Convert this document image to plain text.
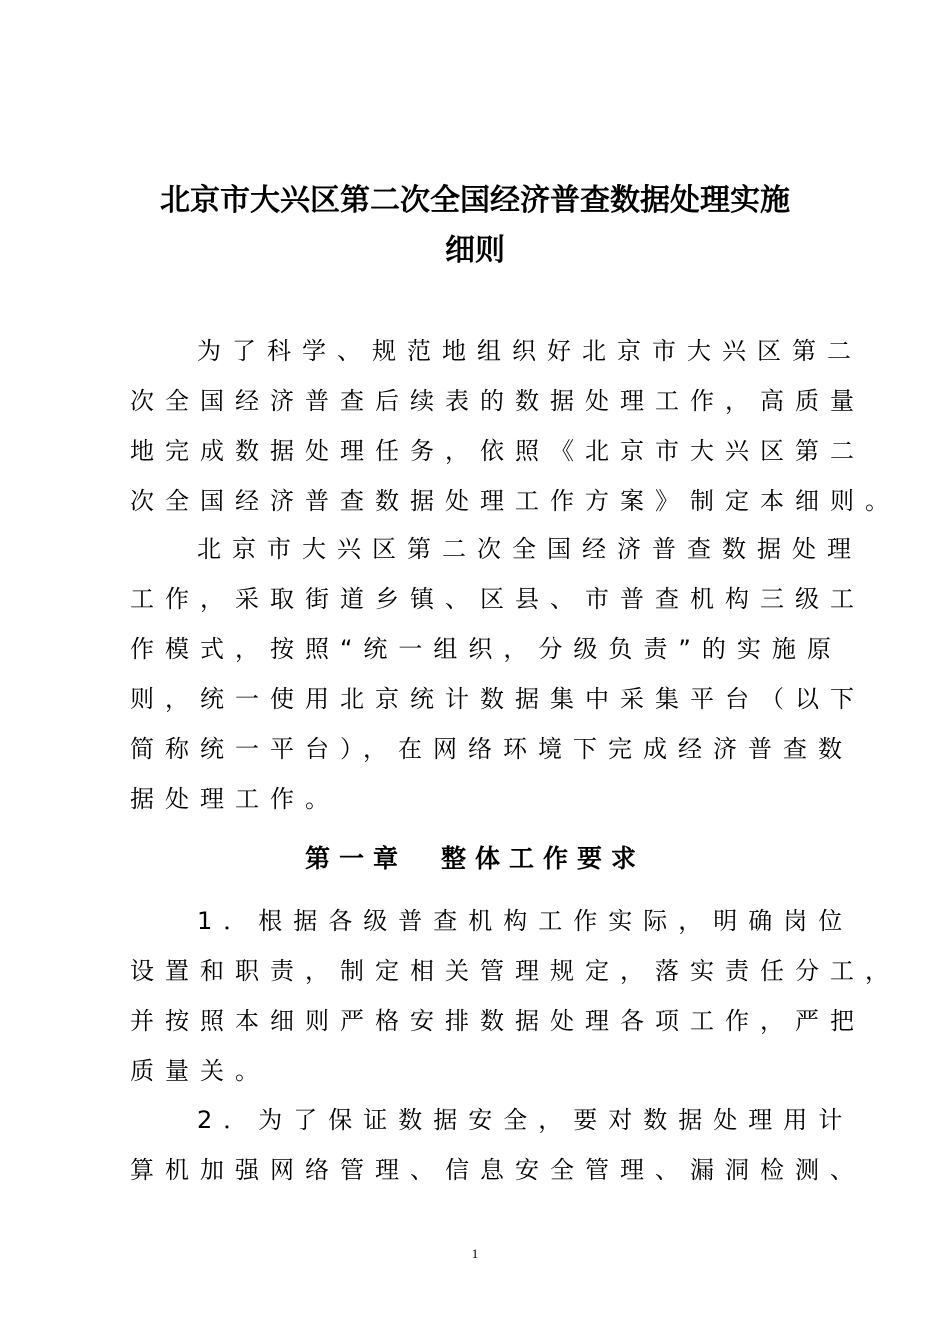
北京市大兴区第二次全国经济普查数据处理实施
细则
为了科学、规范地组织好北京市大兴区第二
次全国经济普查后续表的数据处理工作，高质量
地完成数据处理任务，依照《北京市大兴区第二
次全国经济普查数据处理工作方案》制定本细则。
北京市大兴区第二次全国经济普查数据处理
工作，采取街道乡镇、区县、市普查机构三级工
作模式，按照“统一组织，分级负责”的实施原
则，统一使用北京统计数据集中采集平台（以下
简称统一平台），在网络环境下完成经济普查数
据处理工作。
第一章　整体工作要求
1．根据各级普查机构工作实际，明确岗位
设置和职责，制定相关管理规定，落实责任分工，
并按照本细则严格安排数据处理各项工作，严把
质量关。
2．为了保证数据安全，要对数据处理用计
算机加强网络管理、信息安全管理、漏洞检测、
1
